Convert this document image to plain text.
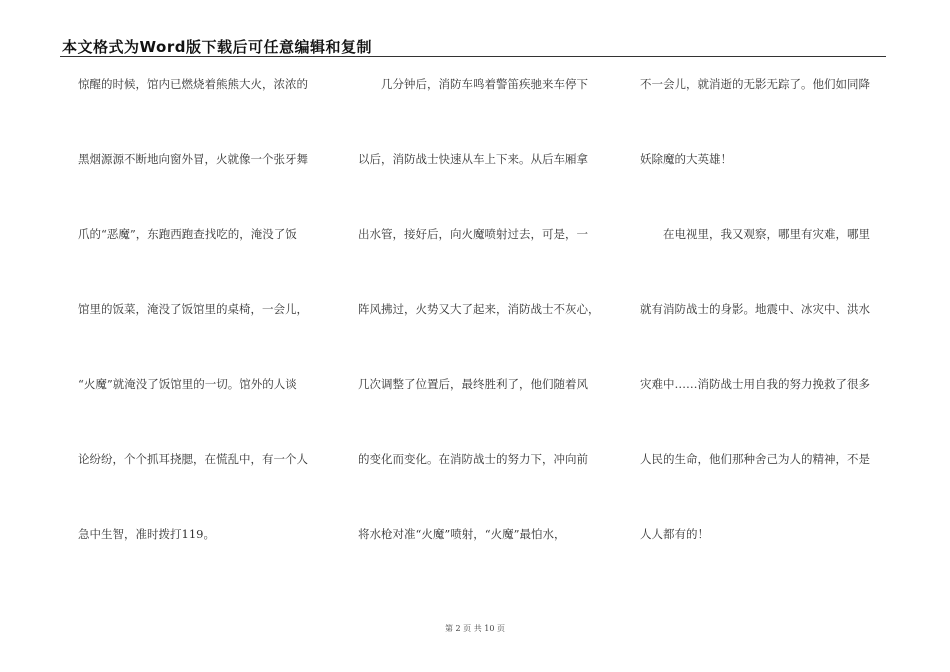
本文格式为Word版下载后可任意编辑和复制
惊醒的时候，馆内已燃烧着熊熊大火，浓浓的
黑烟源源不断地向窗外冒，火就像一个张牙舞
爪的“恶魔”，东跑西跑查找吃的，淹没了饭
馆里的饭菜，淹没了饭馆里的桌椅，一会儿，
“火魔”就淹没了饭馆里的一切。馆外的人谈
论纷纷，个个抓耳挠腮，在慌乱中，有一个人
急中生智，准时拨打119。
几分钟后，消防车鸣着警笛疾驰来车停下
以后，消防战士快速从车上下来。从后车厢拿
出水管，接好后，向火魔喷射过去，可是，一
阵风拂过，火势又大了起来，消防战士不灰心，
几次调整了位置后，最终胜利了，他们随着风
的变化而变化。在消防战士的努力下，冲向前
将水枪对准“火魔”喷射，“火魔”最怕水，
不一会儿，就消逝的无影无踪了。他们如同降
妖除魔的大英雄！
在电视里，我又观察，哪里有灾难，哪里
就有消防战士的身影。地震中、冰灾中、洪水
灾难中……消防战士用自我的努力挽救了很多
人民的生命，他们那种舍己为人的精神，不是
人人都有的！
第 2 页 共 10 页
